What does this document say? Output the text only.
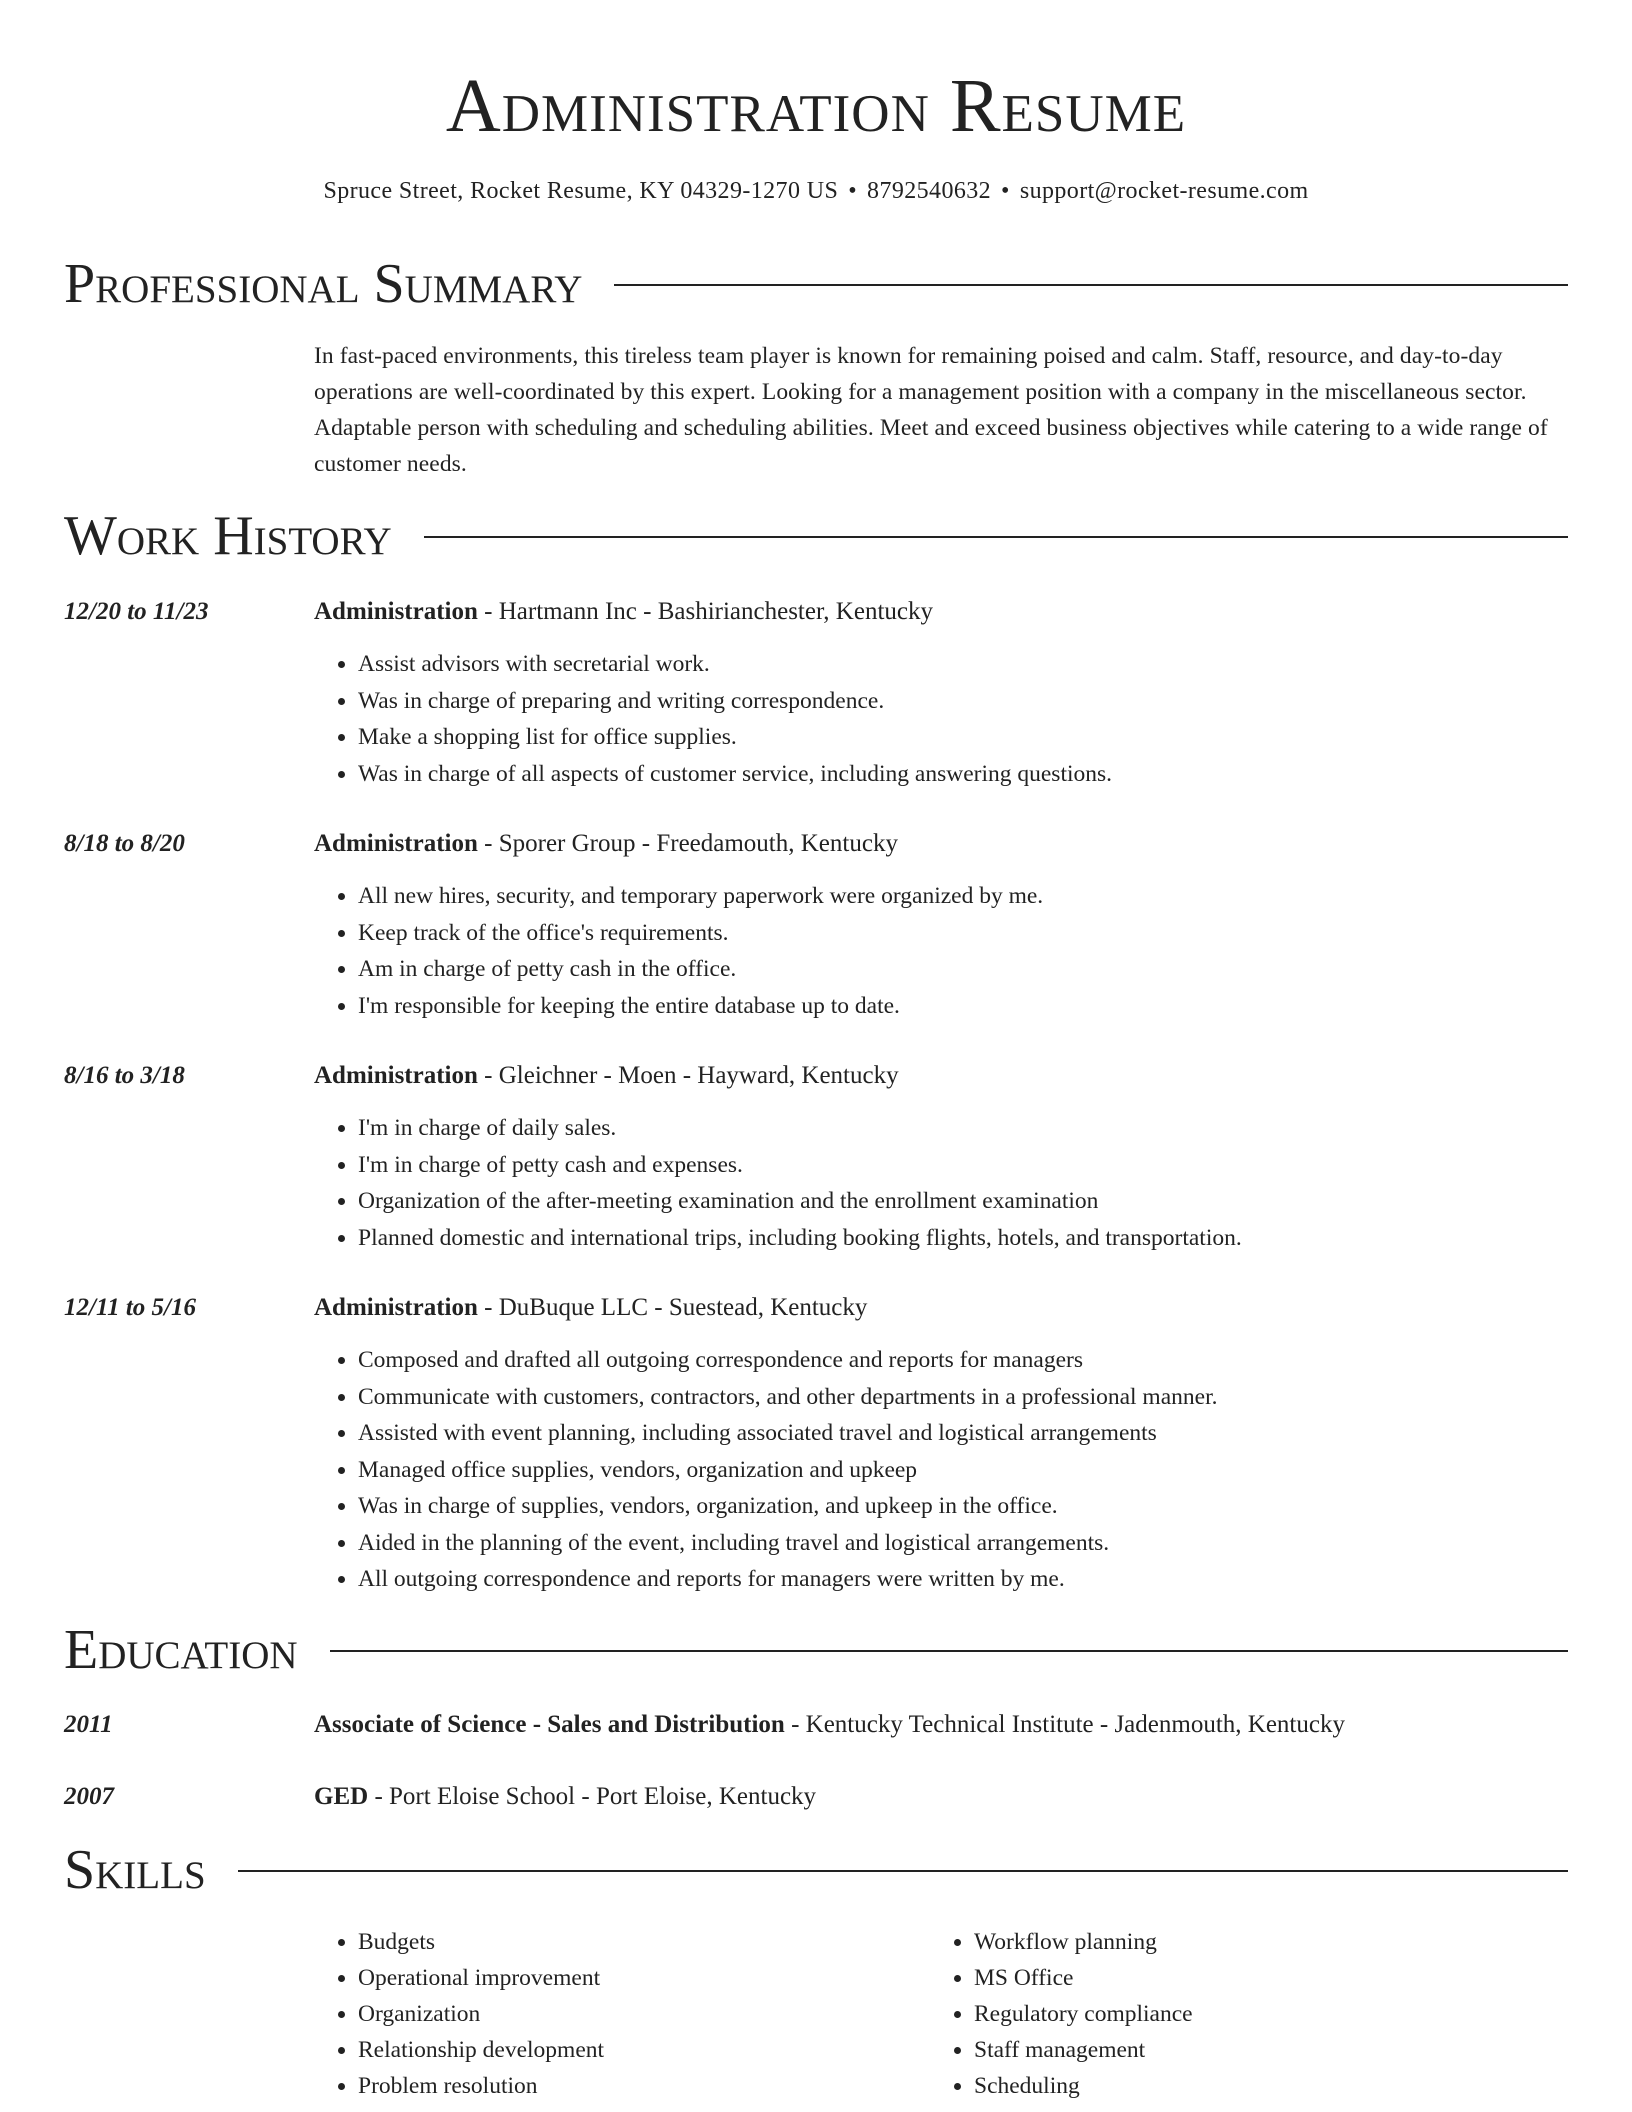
Administration Resume
Spruce Street, Rocket Resume, KY 04329-1270 US • 8792540632 • support@rocket-resume.com
Professional Summary

In fast-paced environments, this tireless team player is known for remaining poised and calm. Staff, resource, and day-to-day operations are well-coordinated by this expert. Looking for a management position with a company in the miscellaneous sector. Adaptable person with scheduling and scheduling abilities. Meet and exceed business objectives while catering to a wide range of customer needs.

Work History
12/20 to 11/23	Administration - Hartmann Inc - Bashirianchester, Kentucky
• Assist advisors with secretarial work.
• Was in charge of preparing and writing correspondence.
• Make a shopping list for office supplies.
• Was in charge of all aspects of customer service, including answering questions.
8/18 to 8/20	Administration - Sporer Group - Freedamouth, Kentucky
• All new hires, security, and temporary paperwork were organized by me.
• Keep track of the office's requirements.
• Am in charge of petty cash in the office.
• I'm responsible for keeping the entire database up to date.
8/16 to 3/18	Administration - Gleichner - Moen - Hayward, Kentucky
• I'm in charge of daily sales.
• I'm in charge of petty cash and expenses.
• Organization of the after-meeting examination and the enrollment examination
• Planned domestic and international trips, including booking flights, hotels, and transportation.
12/11 to 5/16	Administration - DuBuque LLC - Suestead, Kentucky
• Composed and drafted all outgoing correspondence and reports for managers
• Communicate with customers, contractors, and other departments in a professional manner.
• Assisted with event planning, including associated travel and logistical arrangements
• Managed office supplies, vendors, organization and upkeep
• Was in charge of supplies, vendors, organization, and upkeep in the office.
• Aided in the planning of the event, including travel and logistical arrangements.
• All outgoing correspondence and reports for managers were written by me.
Education
2011	Associate of Science - Sales and Distribution - Kentucky Technical Institute - Jadenmouth, Kentucky
2007	GED - Port Eloise School - Port Eloise, Kentucky
Skills
• Budgets
• Operational improvement
• Organization
• Relationship development
• Problem resolution
• Workflow planning
• MS Office
• Regulatory compliance
• Staff management
• Scheduling
